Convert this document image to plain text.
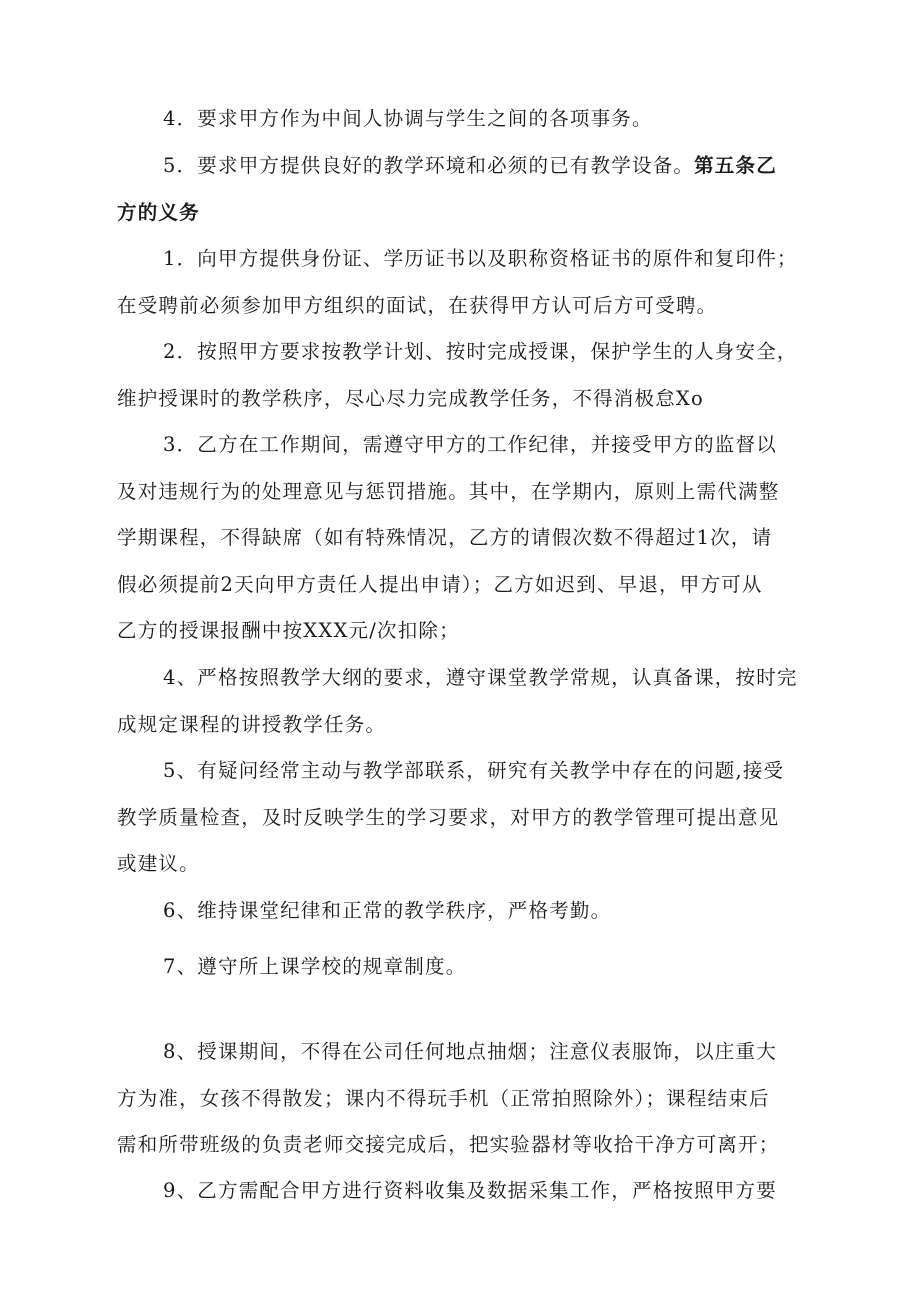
4．要求甲方作为中间人协调与学生之间的各项事务。
5．要求甲方提供良好的教学环境和必须的已有教学设备。第五条乙
方的义务
1．向甲方提供身份证、学历证书以及职称资格证书的原件和复印件；
在受聘前必须参加甲方组织的面试，在获得甲方认可后方可受聘。
2．按照甲方要求按教学计划、按时完成授课，保护学生的人身安全，
维护授课时的教学秩序，尽心尽力完成教学任务，不得消极怠Xo
3．乙方在工作期间，需遵守甲方的工作纪律，并接受甲方的监督以
及对违规行为的处理意见与惩罚措施。其中，在学期内，原则上需代满整
学期课程，不得缺席（如有特殊情况，乙方的请假次数不得超过1次，请
假必须提前2天向甲方责任人提出申请）；乙方如迟到、早退，甲方可从
乙方的授课报酬中按XXX元/次扣除；
4、严格按照教学大纲的要求，遵守课堂教学常规，认真备课，按时完
成规定课程的讲授教学任务。
5、有疑问经常主动与教学部联系，研究有关教学中存在的问题,接受
教学质量检查，及时反映学生的学习要求，对甲方的教学管理可提出意见
或建议。
6、维持课堂纪律和正常的教学秩序，严格考勤。
7、遵守所上课学校的规章制度。
8、授课期间，不得在公司任何地点抽烟；注意仪表服饰，以庄重大
方为准，女孩不得散发；课内不得玩手机（正常拍照除外）；课程结束后
需和所带班级的负责老师交接完成后，把实验器材等收拾干净方可离开；
9、乙方需配合甲方进行资料收集及数据采集工作，严格按照甲方要
